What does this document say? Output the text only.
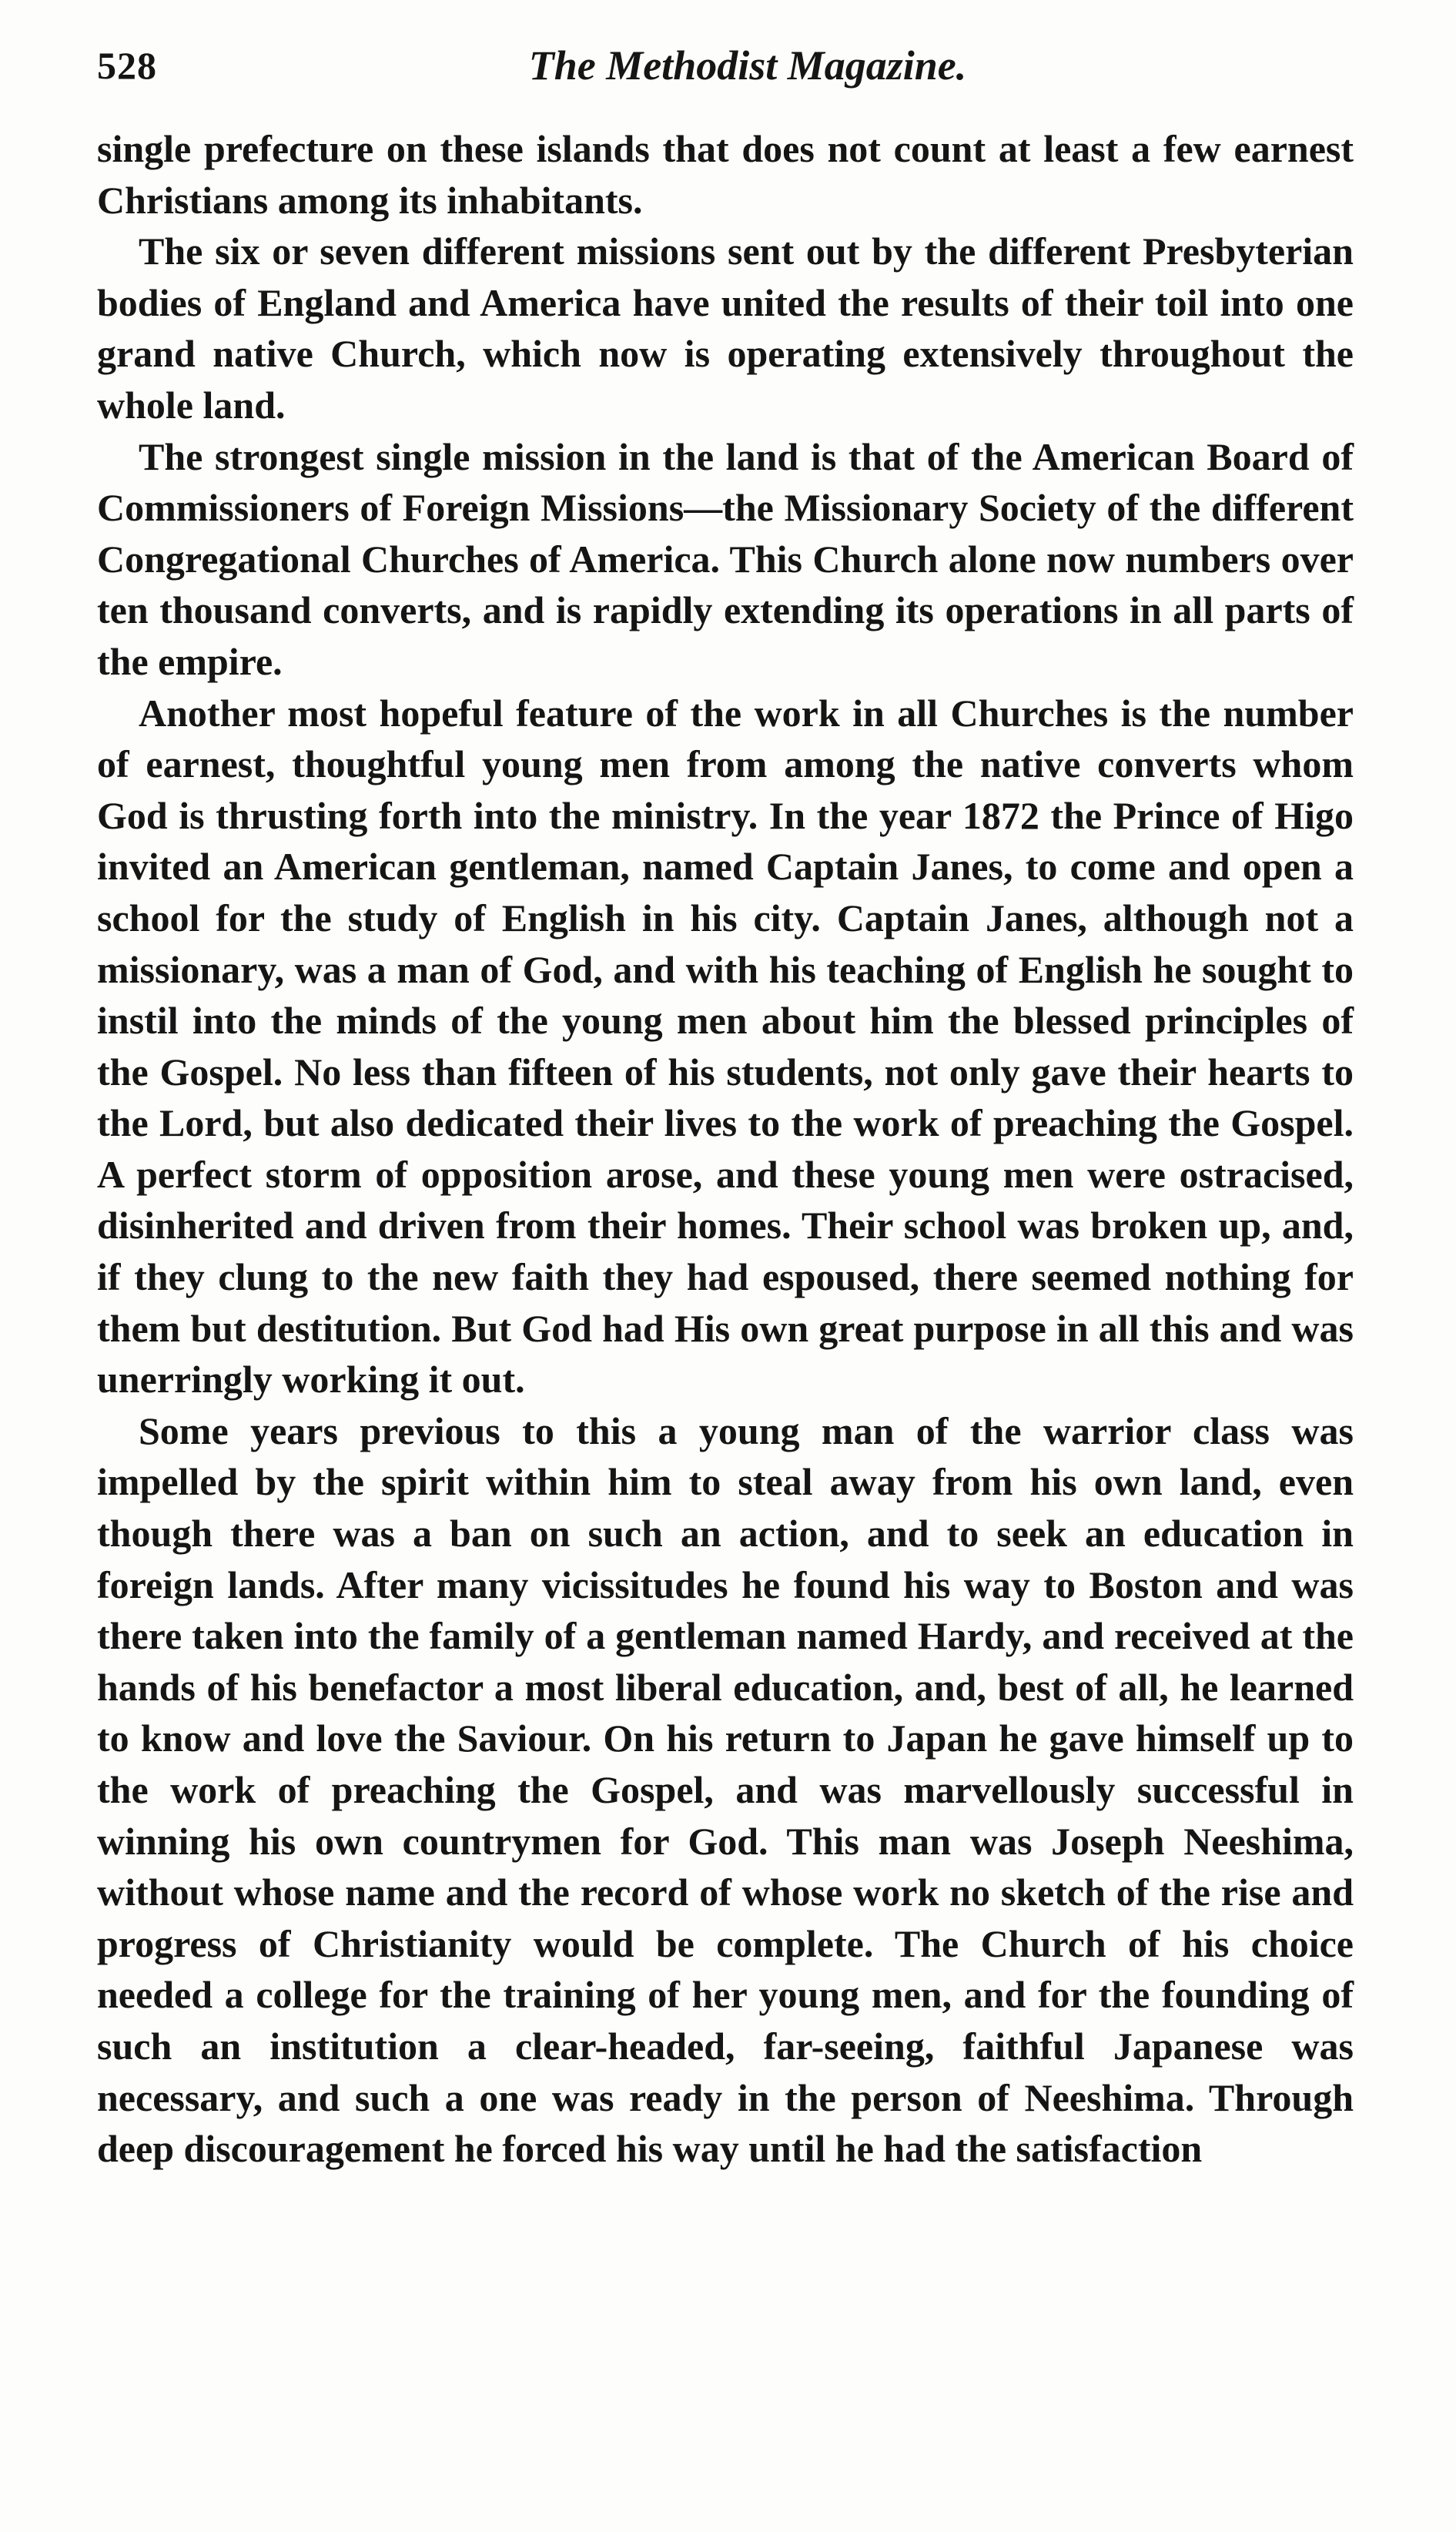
528	The Methodist Magazine.

single prefecture on these islands that does not count at least a few earnest Christians among its inhabitants.

The six or seven different missions sent out by the different Presbyterian bodies of England and America have united the results of their toil into one grand native Church, which now is operating extensively throughout the whole land.

The strongest single mission in the land is that of the American Board of Commissioners of Foreign Missions—the Missionary Society of the different Congregational Churches of America. This Church alone now numbers over ten thousand converts, and is rapidly extending its operations in all parts of the empire.

Another most hopeful feature of the work in all Churches is the number of earnest, thoughtful young men from among the native converts whom God is thrusting forth into the ministry. In the year 1872 the Prince of Higo invited an American gentleman, named Captain Janes, to come and open a school for the study of English in his city. Captain Janes, although not a missionary, was a man of God, and with his teaching of English he sought to instil into the minds of the young men about him the blessed principles of the Gospel. No less than fifteen of his students, not only gave their hearts to the Lord, but also dedicated their lives to the work of preaching the Gospel. A perfect storm of opposition arose, and these young men were ostracised, disinherited and driven from their homes. Their school was broken up, and, if they clung to the new faith they had espoused, there seemed nothing for them but destitution. But God had His own great purpose in all this and was unerringly working it out.

Some years previous to this a young man of the warrior class was impelled by the spirit within him to steal away from his own land, even though there was a ban on such an action, and to seek an education in foreign lands. After many vicissitudes he found his way to Boston and was there taken into the family of a gentleman named Hardy, and received at the hands of his benefactor a most liberal education, and, best of all, he learned to know and love the Saviour. On his return to Japan he gave himself up to the work of preaching the Gospel, and was marvellously successful in winning his own countrymen for God. This man was Joseph Neeshima, without whose name and the record of whose work no sketch of the rise and progress of Christianity would be complete. The Church of his choice needed a college for the training of her young men, and for the founding of such an institution a clear-headed, far-seeing, faithful Japanese was necessary, and such a one was ready in the person of Neeshima. Through deep discouragement he forced his way until he had the satisfaction
